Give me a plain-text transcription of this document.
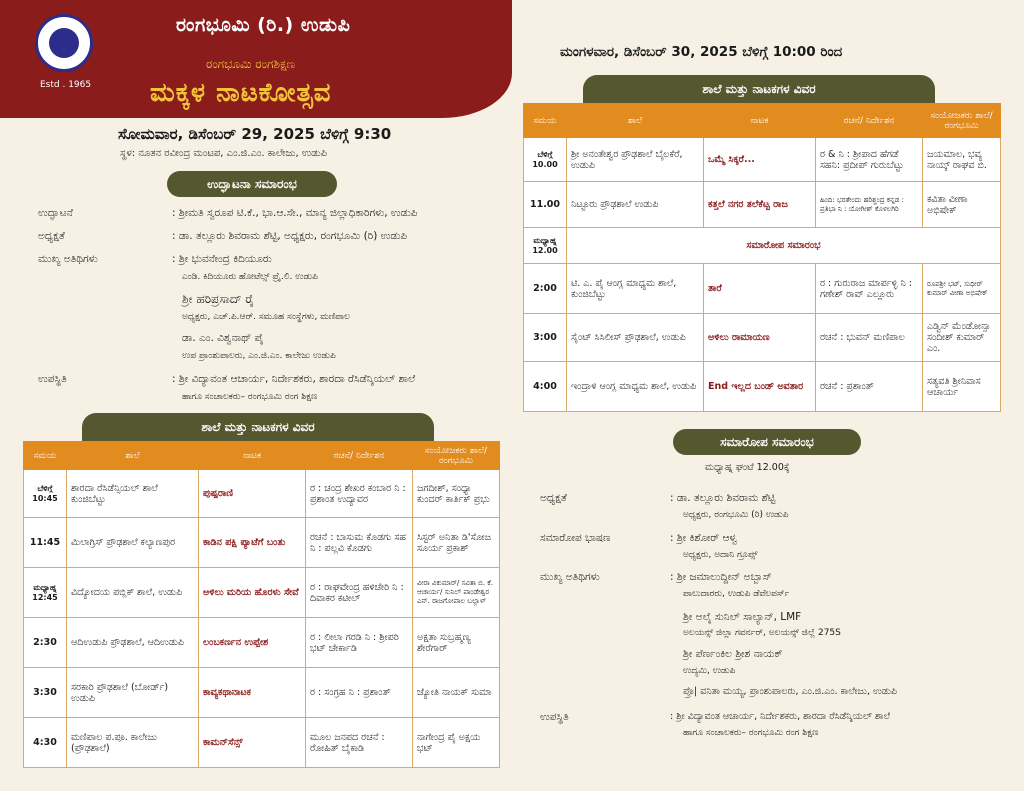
Estd . 1965
ರಂಗಭೂಮಿ (ರಿ.) ಉಡುಪಿ
ರಂಗಭೂಮಿ ರಂಗಶಿಕ್ಷಣ
ಮಕ್ಕಳ ನಾಟಕೋತ್ಸವ
ಸೋಮವಾರ, ಡಿಸೆಂಬರ್ 29, 2025 ಬೆಳಿಗ್ಗೆ 9:30
ಸ್ಥಳ: ನೂತನ ರವೀಂದ್ರ ಮಂಟಪ, ಎಂ.ಜಿ.ಎಂ. ಕಾಲೇಜು, ಉಡುಪಿ
ಉದ್ಘಾಟನಾ ಸಮಾರಂಭ
ಉದ್ಘಾಟನೆ	: ಶ್ರೀಮತಿ ಸ್ವರೂಪ ಟಿ.ಕೆ., ಭಾ.ಆ.ಸೇ., ಮಾನ್ಯ ಜಿಲ್ಲಾಧಿಕಾರಿಗಳು, ಉಡುಪಿ
ಅಧ್ಯಕ್ಷತೆ	: ಡಾ. ತಲ್ಲೂರು ಶಿವರಾಮ ಶೆಟ್ಟಿ, ಅಧ್ಯಕ್ಷರು, ರಂಗಭೂಮಿ (ರಿ) ಉಡುಪಿ
ಮುಖ್ಯ ಅತಿಥಿಗಳು	: ಶ್ರೀ ಭುವನೇಂದ್ರ ಕಿದಿಯೂರು
ಎಂಡಿ. ಕಿದಿಯೂರು ಹೋಟೆಲ್ಸ್ ಪ್ರೈ.ಲಿ. ಉಡುಪಿ
ಶ್ರೀ ಹರಿಪ್ರಸಾದ್ ರೈ
ಅಧ್ಯಕ್ಷರು, ಎಚ್.ಪಿ.ಆರ್. ಸಮೂಹ ಸಂಸ್ಥೆಗಳು, ಮಣಿಪಾಲ
ಡಾ. ಎಂ. ವಿಶ್ವನಾಥ್ ಪೈ
ಉಪ ಪ್ರಾಂಶುಪಾಲರು, ಎಂ.ಜಿ.ಎಂ. ಕಾಲೇಜು ಉಡುಪಿ
ಉಪಸ್ಥಿತಿ	: ಶ್ರೀ ವಿದ್ಯಾವಂತ ಆಚಾರ್ಯ, ನಿರ್ದೇಶಕರು, ಶಾರದಾ ರೆಸಿಡೆನ್ಶಿಯಲ್ ಶಾಲೆ
ಹಾಗೂ ಸಂಚಾಲಕರು– ರಂಗಭೂಮಿ ರಂಗ ಶಿಕ್ಷಣ
ಶಾಲೆ ಮತ್ತು ನಾಟಕಗಳ ವಿವರ
ಸಮಯ	ಶಾಲೆ	ನಾಟಕ	ರಚನೆ/ ನಿರ್ದೇಶನ	ಸಂಯೋಜಕರು ಶಾಲೆ/ರಂಗಭೂಮಿ
ಬೆಳಿಗ್ಗೆ 10:45	ಶಾರದಾ ರೆಸಿಡೆನ್ಸಿಯಲ್ ಶಾಲೆ ಕುಂಜಿಬೆಟ್ಟು	ಪುಷ್ಪರಾಣಿ	ರ : ಚಂದ್ರ ಶೇಖರ ಕಂಬಾರ ನಿ : ಪ್ರಶಾಂತ ಉದ್ಯಾವರ	ಜಗದೀಶ್, ಸಂಧ್ಯಾ ಕುಂದರ್ ಕಾರ್ತಿಕ್ ಪ್ರಭು
11:45	ಮಿಲಾಗ್ರಿಸ್ ಪ್ರೌಢಶಾಲೆ ಕಲ್ಯಾಣಪುರ	ಕಾಡಿನ ಪಕ್ಷಿ ಪ್ಯಾಟೆಗೆ ಬಂತು	ರಚನೆ : ಬಾಸುಮ ಕೊಡಗು ಸಹ ನಿ : ಪಲ್ಲವಿ ಕೊಡಗು	ಸಿಸ್ಟರ್ ಅನಿತಾ ಡಿ'ಸೋಜ ಸೂರ್ಯ ಪ್ರಕಾಶ್
ಮಧ್ಯಾಹ್ನ 12:45	ವಿದ್ಯೋದಯ ಪಬ್ಲಿಕ್ ಶಾಲೆ, ಉಡುಪಿ	ಅಳಿಲು ಮರಿಯ ಹೊರಳು ಸೇವೆ	ರ : ರಾಘವೇಂದ್ರ ಹಳಿಚೇರಿ ನಿ : ದಿವಾಕರ ಕಟೀಲ್	ವೀರಾ ವಿಕುಮಾರ್/ ಸವಿತಾ ಬಿ. ಕೆ. ಆಚಾರ್ಯ/ ಸುನಿಲ್ ಪಾಂಡೇಶ್ವರ ಎನ್. ರಾಜಗೋಪಾಲ ಬಲ್ಲಾಳ್
2:30	ಆದಿಉಡುಪಿ ಪ್ರೌಢಶಾಲೆ, ಆದಿಉಡುಪಿ	ಲಂಬಕರ್ಣನ ಉಪ್ಪೇಶ	ರ : ಲೀಲಾ ಗರಡಿ ನಿ : ಶ್ರೀಪರಿ ಭಟ್ ಚೇರ್ಕಾಡಿ	ಅಕ್ಷತಾ ಸುಬ್ರಹ್ಮಣ್ಯ ಶೇರೆಗಾರ್
3:30	ಸರಕಾರಿ ಪ್ರೌಢಶಾಲೆ (ಬೋರ್ಡ್) ಉಡುಪಿ	ಕಾವ್ಯಕಥಾನಾಟಕ	ರ : ಸಂಗ್ರಹ ನಿ : ಪ್ರಶಾಂತ್	ಜ್ಯೋತಿ ನಾಯಕ್ ಸುಮಾ
4:30	ಮಣಿಪಾಲ ಪ.ಪೂ. ಕಾಲೇಜು (ಪ್ರೌಢಶಾಲೆ)	ಕಾಮನ್‌ಸೆನ್ಸ್	ಮೂಲ ಜನಪದ ರಚನೆ : ರೋಹಿತ್ ಬೈಕಾಡಿ	ನಾಗೇಂದ್ರ ಪೈ ಅಕ್ಷಯ ಭಟ್
ಮಂಗಳವಾರ, ಡಿಸೆಂಬರ್ 30, 2025 ಬೆಳಿಗ್ಗೆ 10:00 ರಿಂದ
ಶಾಲೆ ಮತ್ತು ನಾಟಕಗಳ ವಿವರ
ಸಮಯ	ಶಾಲೆ	ನಾಟಕ	ರಚನೆ/ ನಿರ್ದೇಶನ	ಸಂಯೋಜಕರು ಶಾಲೆ/ರಂಗಭೂಮಿ
ಬೆಳಿಗ್ಗೆ 10.00	ಶ್ರೀ ಅನಂತೇಶ್ವರ ಪ್ರೌಢಶಾಲೆ ಬೈಲಕೆರೆ, ಉಡುಪಿ	ಒಮ್ಮೆ ಸಿಕ್ಕರೆ...	ರ & ನಿ : ಶ್ರೀಪಾದ ಹೆಗಡೆ ಸಹನಿ: ಪ್ರದೀಪ್ ಗುರುಬೆಟ್ಟು	ಜಯಮಾಲ, ಭವ್ಯ ನಾಯ್ಕ್ ರಾಘವ ಬಿ.
11.00	ನಿಟ್ಟೂರು ಪ್ರೌಢಶಾಲೆ ಉಡುಪಿ	ಕತ್ತಲೆ ನಗರ ತಲೆಕೆಟ್ಟ ರಾಜ	ಹಿಂದಿ: ಭರತೇಂದು ಹರಿಶ್ಚಂದ್ರ ಕನ್ನಡ : ಪ್ರತಿಭಾ ನಿ : ಯೋಗೀಶ್ ಕೊಳಲಗಿರಿ	ಕವಿತಾ ವೀಣಾ ಅಭಿಷೇಕ್
ಮಧ್ಯಾಹ್ನ 12.00	ಸಮಾರೋಪ ಸಮಾರಂಭ			
2:00	ಟಿ. ಎ. ಪೈ ಆಂಗ್ಲ ಮಾಧ್ಯಮ ಶಾಲೆ, ಕುಂಜಿಬೆಟ್ಟು	ತಾರೆ	ರ : ಗುರುರಾಜ ಮಾರ್ಪಳ್ಳಿ ನಿ : ಗಣೇಶ್ ರಾವ್ ಎಲ್ಲೂರು	ರೂಪಶ್ರೀ ಭಟ್, ಸುಧೀರ್ ಕುಮಾರ್ ವೀಣಾ ಅಭಿಷೇಕ್
3:00	ಸೈಂಟ್ ಸಿಸಿಲೀಸ್ ಪ್ರೌಢಶಾಲೆ, ಉಡುಪಿ	ಅಳಿಲು ರಾಮಾಯಣ	ರಚನೆ : ಭುವನ್ ಮಣಿಪಾಲ	ಎಡ್ವಿನ್ ಮೆಂಡೋನ್ಸಾ ಸಂದೀಶ್ ಕುಮಾರ್ ಎಂ.
4:00	ಇಂದ್ರಾಳಿ ಆಂಗ್ಲ ಮಾಧ್ಯಮ ಶಾಲೆ, ಉಡುಪಿ	End ಇಲ್ಲದ ಬಂಡ್ ಅವತಾರ	ರಚನೆ : ಪ್ರಶಾಂತ್	ಸತ್ಯವತಿ ಶ್ರೀನಿವಾಸ ಆಚಾರ್ಯ
ಸಮಾರೋಪ ಸಮಾರಂಭ
ಮಧ್ಯಾಹ್ನ ಘಂಟೆ 12.00ಕ್ಕೆ
ಅಧ್ಯಕ್ಷತೆ	: ಡಾ. ತಲ್ಲೂರು ಶಿವರಾಮ ಶೆಟ್ಟಿ
ಅಧ್ಯಕ್ಷರು, ರಂಗಭೂಮಿ (ರಿ) ಉಡುಪಿ
ಸಮಾರೋಪ ಭಾಷಣ	: ಶ್ರೀ ಕಿಶೋರ್ ಆಳ್ವ
ಅಧ್ಯಕ್ಷರು, ಅದಾನಿ ಗ್ರೂಪ್ಸ್
ಮುಖ್ಯ ಅತಿಥಿಗಳು	: ಶ್ರೀ ಜಮಾಲುದ್ದೀನ್ ಅಬ್ಬಾಸ್
ಪಾಲುದಾರರು, ಉಡುಪಿ ಡೆವೆಲಪರ್ಸ್
ಶ್ರೀ ಅಲೈ ಸುನಿಲ್ ಸಾಲ್ಯಾನ್, LMF
ಅಲಯನ್ಸ್ ಜಿಲ್ಲಾ ಗವರ್ನರ್, ಅಲಯನ್ಸ್ ಜಿಲ್ಲೆ 275S
ಶ್ರೀ ಪೆರ್ಣಂಕಿಲ ಶ್ರೀಶ ನಾಯಕ್
ಉದ್ಯಮಿ, ಉಡುಪಿ
ಪ್ರೊ| ವನಿತಾ ಮಯ್ಯ, ಪ್ರಾಂಶುಪಾಲರು, ಎಂ.ಜಿ.ಎಂ. ಕಾಲೇಜು, ಉಡುಪಿ
ಉಪಸ್ಥಿತಿ	: ಶ್ರೀ ವಿದ್ಯಾವಂತ ಆಚಾರ್ಯ, ನಿರ್ದೇಶಕರು, ಶಾರದಾ ರೆಸಿಡೆನ್ಶಿಯಲ್ ಶಾಲೆ
ಹಾಗೂ ಸಂಚಾಲಕರು– ರಂಗಭೂಮಿ ರಂಗ ಶಿಕ್ಷಣ
